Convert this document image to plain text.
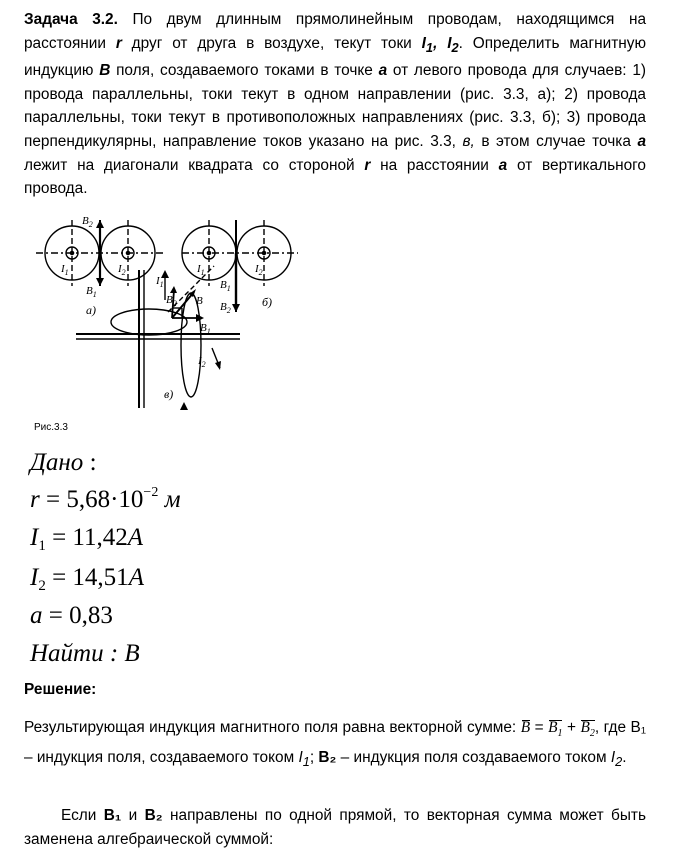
Задача 3.2. По двум длинным прямолинейным проводам, находящимся на расстоянии r друг от друга в воздухе, текут токи $I_1$, $I_2$. Определить магнитную индукцию B поля, создаваемого токами в точке a от левого провода для случаев: 1) провода параллельны, токи текут в одном направлении (рис. 3.3, а); 2) провода параллельны, токи текут в противоположных направлениях (рис. 3.3, б); 3) провода перпендикулярны, направление токов указано на рис. 3.3, в, в этом случае точка a лежит на диагонали квадрата со стороной r на расстоянии a от вертикального провода.
$B_2$
$B_1$
$I_1$	$I_2$
а)
$I_1$	$I_2$
$B_1$
$B_2$
б)
$I_1$
B
$B_2$
$B_1$
$I_2$
в)
Рис.3.3
Дано :
$r = 5,68\cdot 10^{-2}$ м
$I_1 = 11,42A$
$I_2 = 14,51A$
a = 0,83
Найти : B
Решение:
Результирующая индукция магнитного поля равна векторной сумме: $B = B_1 + B_2$, где B₁ – индукция поля, создаваемого током $I_1$; B₂ – индукция поля создаваемого током $I_2$.
Если B₁ и B₂ направлены по одной прямой, то векторная сумма может быть заменена алгебраической суммой:
